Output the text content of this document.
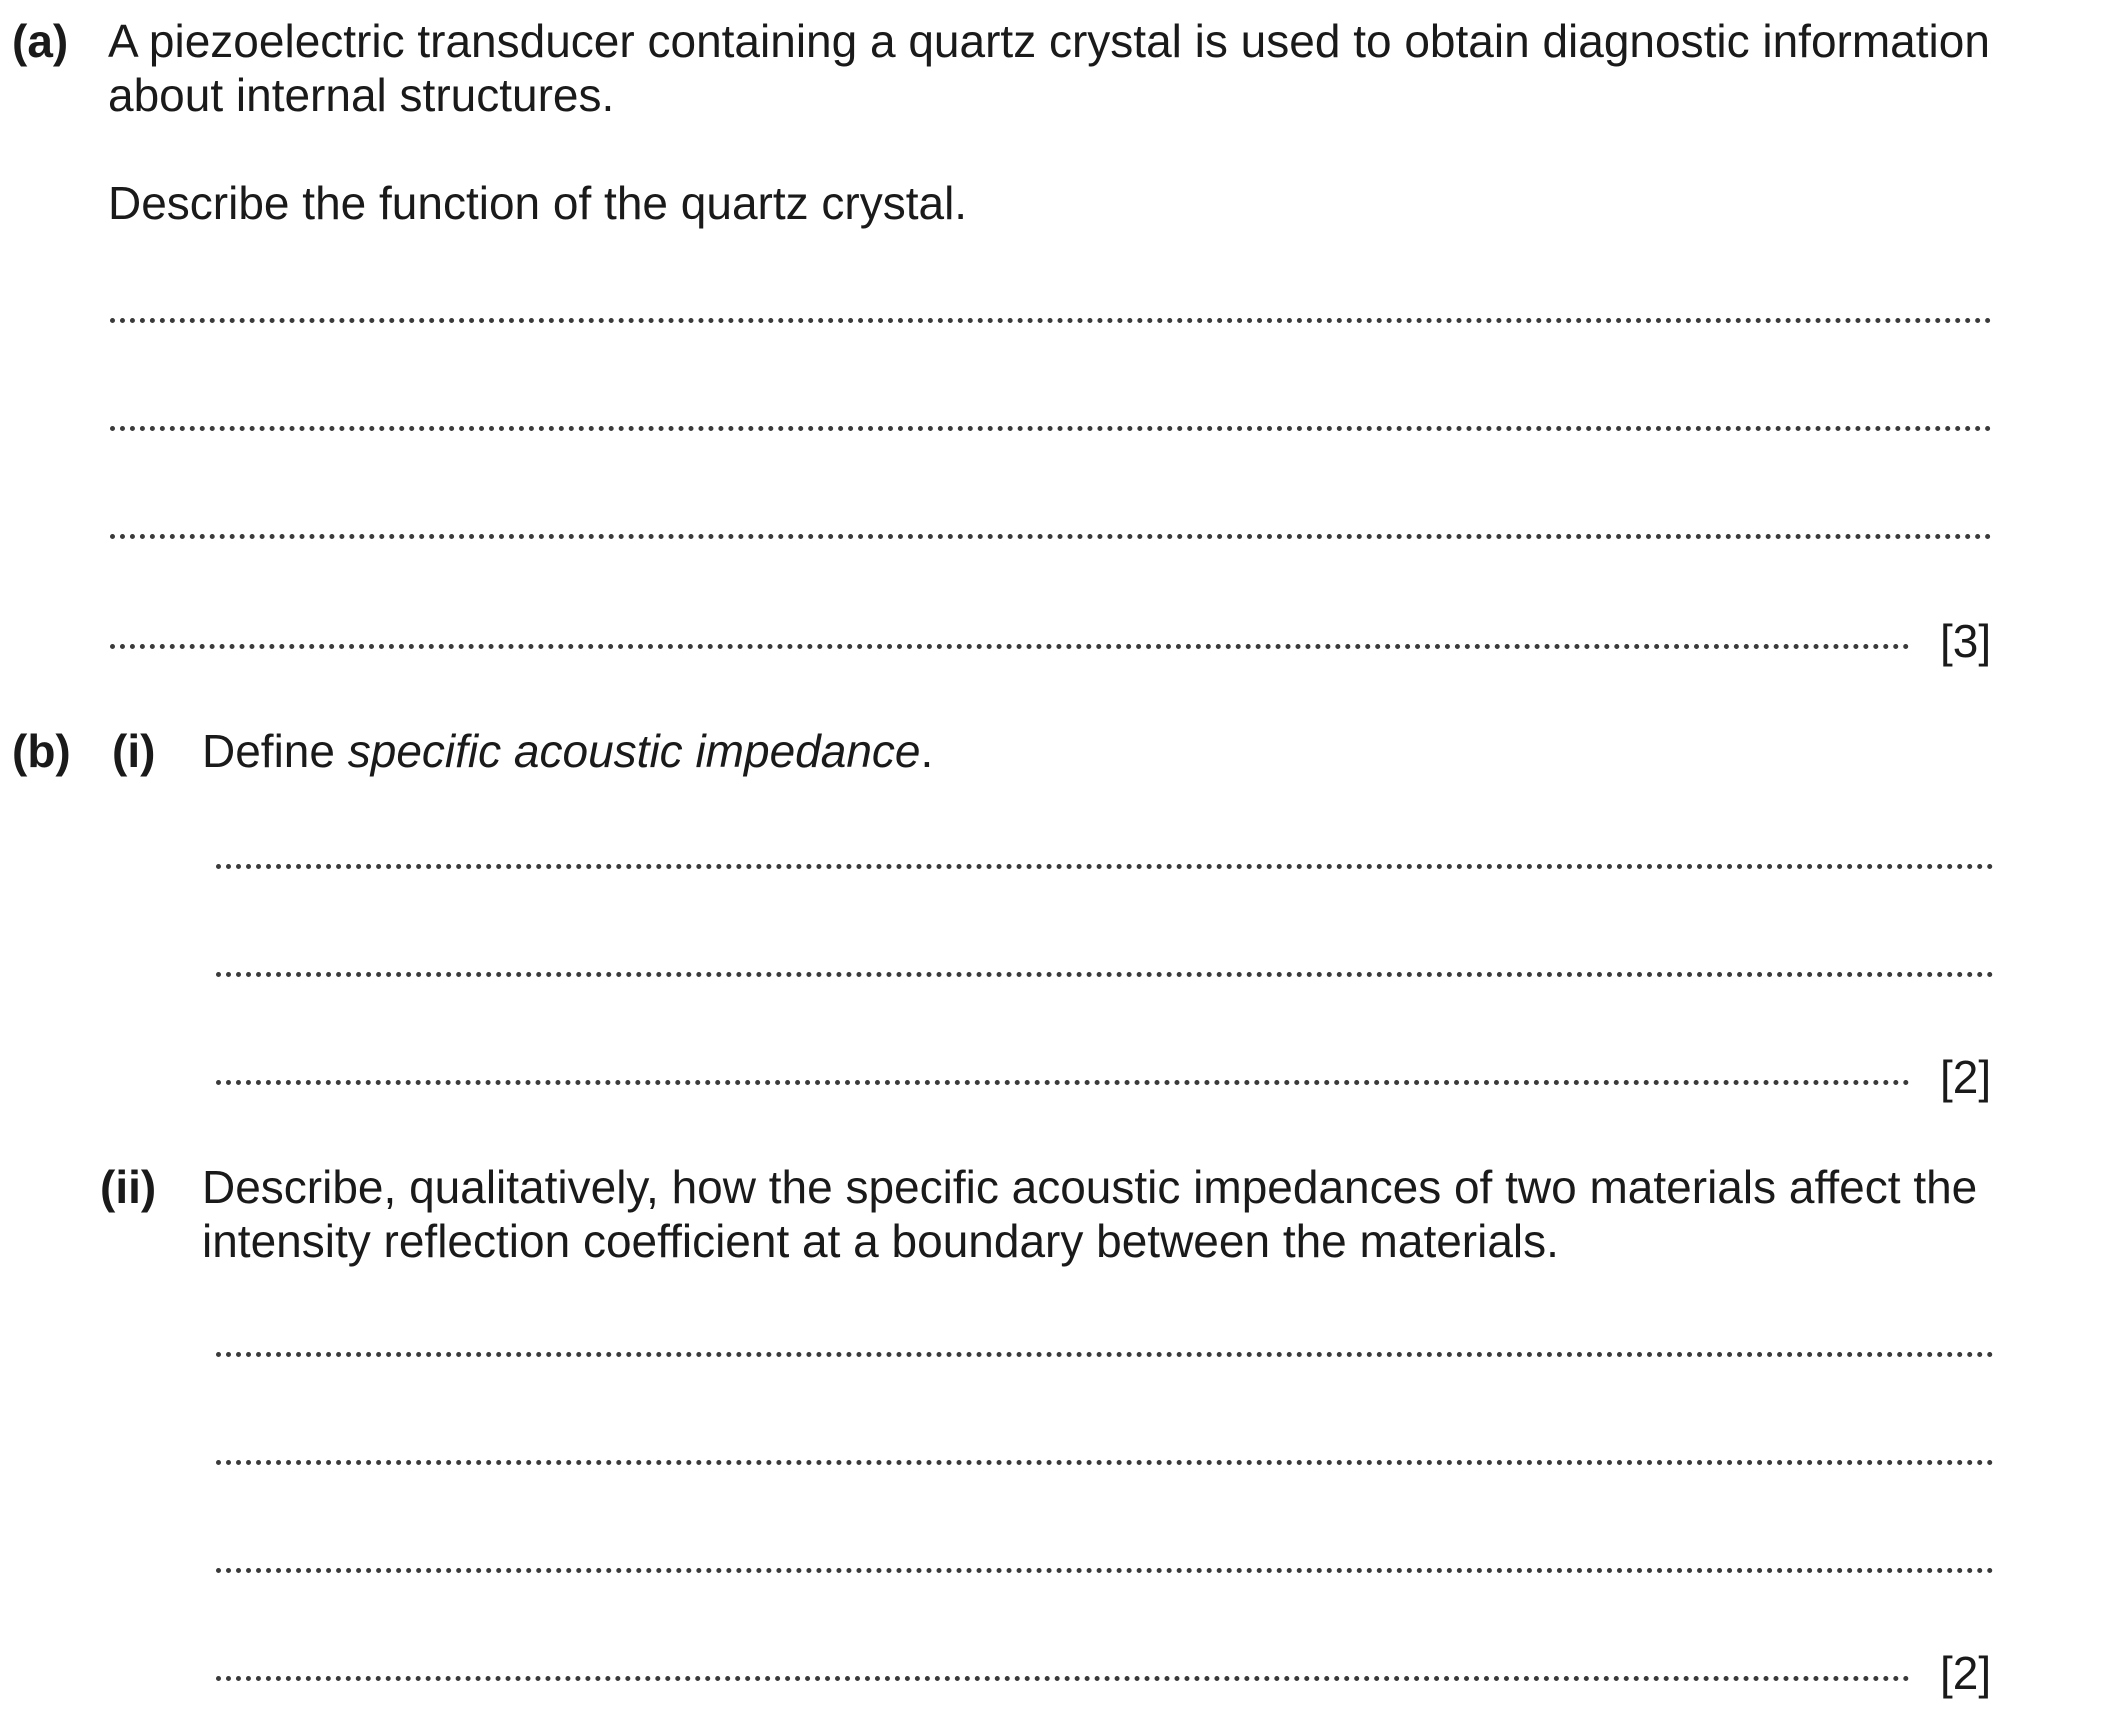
(a) A piezoelectric transducer containing a quartz crystal is used to obtain diagnostic information
about internal structures.
Describe the function of the quartz crystal.
[3]
(b) (i) Define specific acoustic impedance.
[2]
(ii) Describe, qualitatively, how the specific acoustic impedances of two materials affect the
intensity reflection coefficient at a boundary between the materials.
[2]
